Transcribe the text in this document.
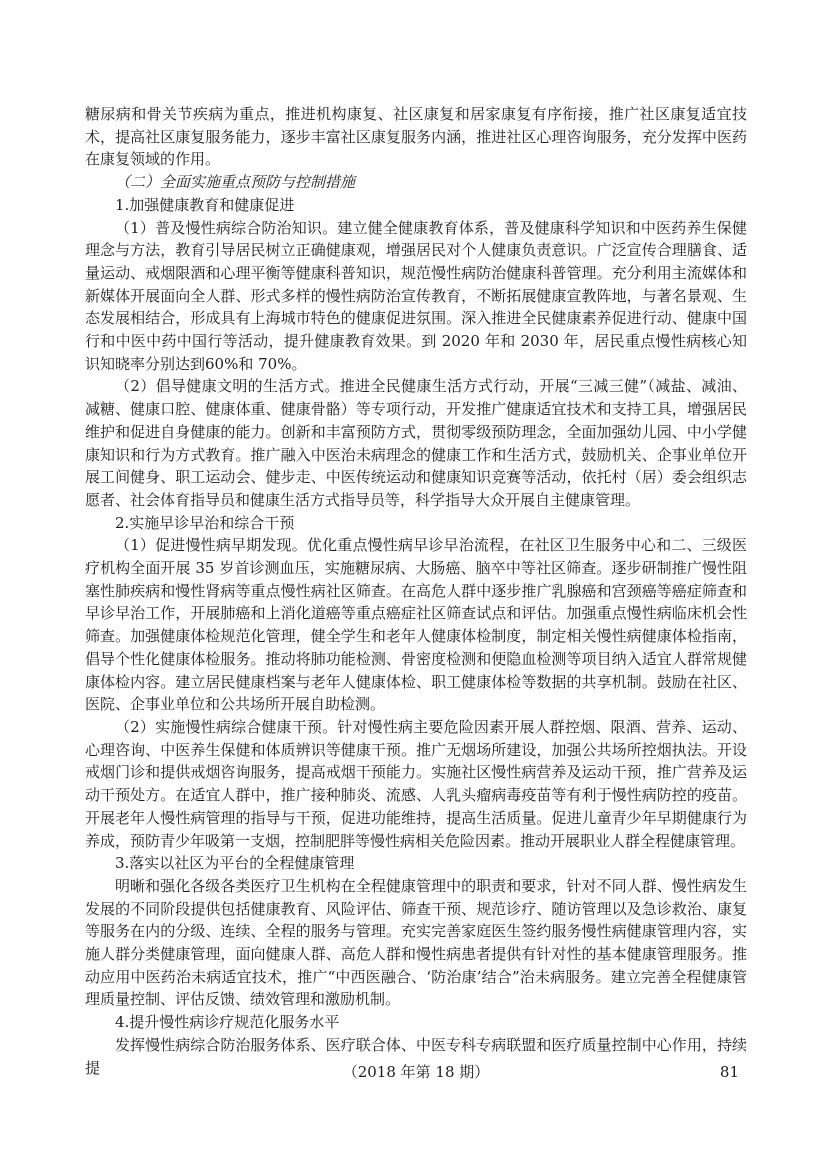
糖尿病和骨关节疾病为重点，推进机构康复、社区康复和居家康复有序衔接，推广社区康复适宜技术，提高社区康复服务能力，逐步丰富社区康复服务内涵，推进社区心理咨询服务，充分发挥中医药在康复领域的作用。

（二）全面实施重点预防与控制措施

1.加强健康教育和健康促进

（1）普及慢性病综合防治知识。建立健全健康教育体系，普及健康科学知识和中医药养生保健理念与方法，教育引导居民树立正确健康观，增强居民对个人健康负责意识。广泛宣传合理膳食、适量运动、戒烟限酒和心理平衡等健康科普知识，规范慢性病防治健康科普管理。充分利用主流媒体和新媒体开展面向全人群、形式多样的慢性病防治宣传教育，不断拓展健康宣教阵地，与著名景观、生态发展相结合，形成具有上海城市特色的健康促进氛围。深入推进全民健康素养促进行动、健康中国行和中医中药中国行等活动，提升健康教育效果。到 2020 年和 2030 年，居民重点慢性病核心知识知晓率分别达到60%和 70%。

（2）倡导健康文明的生活方式。推进全民健康生活方式行动，开展“三减三健”（减盐、减油、减糖、健康口腔、健康体重、健康骨骼）等专项行动，开发推广健康适宜技术和支持工具，增强居民维护和促进自身健康的能力。创新和丰富预防方式，贯彻零级预防理念，全面加强幼儿园、中小学健康知识和行为方式教育。推广融入中医治未病理念的健康工作和生活方式，鼓励机关、企事业单位开展工间健身、职工运动会、健步走、中医传统运动和健康知识竞赛等活动，依托村（居）委会组织志愿者、社会体育指导员和健康生活方式指导员等，科学指导大众开展自主健康管理。

2.实施早诊早治和综合干预

（1）促进慢性病早期发现。优化重点慢性病早诊早治流程，在社区卫生服务中心和二、三级医疗机构全面开展 35 岁首诊测血压，实施糖尿病、大肠癌、脑卒中等社区筛查。逐步研制推广慢性阻塞性肺疾病和慢性肾病等重点慢性病社区筛查。在高危人群中逐步推广乳腺癌和宫颈癌等癌症筛查和早诊早治工作，开展肺癌和上消化道癌等重点癌症社区筛查试点和评估。加强重点慢性病临床机会性筛查。加强健康体检规范化管理，健全学生和老年人健康体检制度，制定相关慢性病健康体检指南，倡导个性化健康体检服务。推动将肺功能检测、骨密度检测和便隐血检测等项目纳入适宜人群常规健康体检内容。建立居民健康档案与老年人健康体检、职工健康体检等数据的共享机制。鼓励在社区、医院、企事业单位和公共场所开展自助检测。

（2）实施慢性病综合健康干预。针对慢性病主要危险因素开展人群控烟、限酒、营养、运动、心理咨询、中医养生保健和体质辨识等健康干预。推广无烟场所建设，加强公共场所控烟执法。开设戒烟门诊和提供戒烟咨询服务，提高戒烟干预能力。实施社区慢性病营养及运动干预，推广营养及运动干预处方。在适宜人群中，推广接种肺炎、流感、人乳头瘤病毒疫苗等有利于慢性病防控的疫苗。开展老年人慢性病管理的指导与干预，促进功能维持，提高生活质量。促进儿童青少年早期健康行为养成，预防青少年吸第一支烟，控制肥胖等慢性病相关危险因素。推动开展职业人群全程健康管理。

3.落实以社区为平台的全程健康管理

明晰和强化各级各类医疗卫生机构在全程健康管理中的职责和要求，针对不同人群、慢性病发生发展的不同阶段提供包括健康教育、风险评估、筛查干预、规范诊疗、随访管理以及急诊救治、康复等服务在内的分级、连续、全程的服务与管理。充实完善家庭医生签约服务慢性病健康管理内容，实施人群分类健康管理，面向健康人群、高危人群和慢性病患者提供有针对性的基本健康管理服务。推动应用中医药治未病适宜技术，推广“中西医融合、‘防治康’结合”治未病服务。建立完善全程健康管理质量控制、评估反馈、绩效管理和激励机制。

4.提升慢性病诊疗规范化服务水平

发挥慢性病综合防治服务体系、医疗联合体、中医专科专病联盟和医疗质量控制中心作用，持续提	（2018 年第 18 期）	81
